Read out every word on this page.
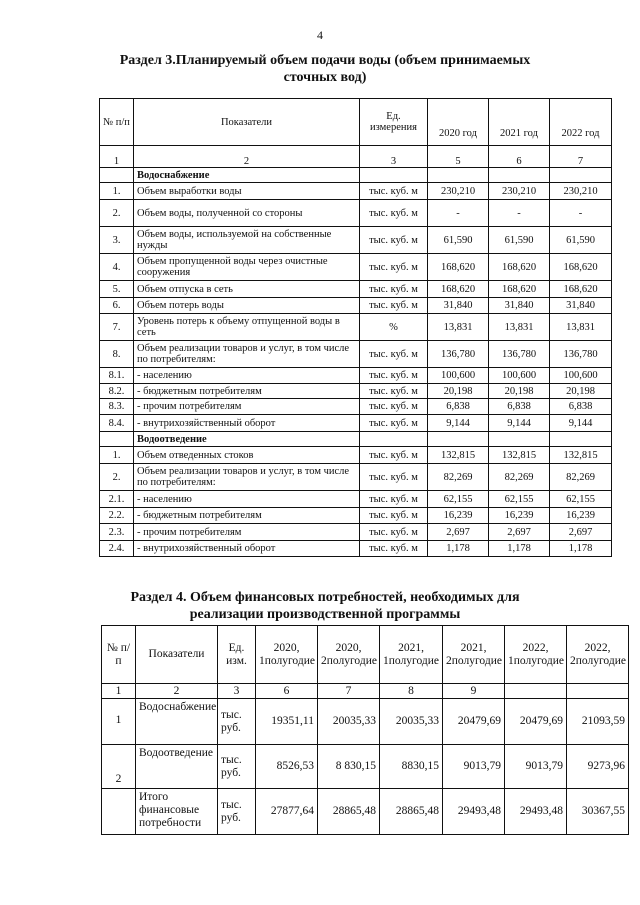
4
Раздел 3.Планируемый объем подачи воды (объем принимаемых
сточных вод)
№ п/п	Показатели	Ед. измерения	2020 год	2021 год	2022 год
1	2	3	5	6	7
	Водоснабжение				
1.	Объем выработки воды	тыс. куб. м	230,210	230,210	230,210
2.	Объем воды, полученной со стороны	тыс. куб. м	-	-	-
3.	Объем воды, используемой на собственные нужды	тыс. куб. м	61,590	61,590	61,590
4.	Объем пропущенной воды через очистные сооружения	тыс. куб. м	168,620	168,620	168,620
5.	Объем отпуска в сеть	тыс. куб. м	168,620	168,620	168,620
6.	Объем потерь воды	тыс. куб. м	31,840	31,840	31,840
7.	Уровень потерь к объему отпущенной воды в сеть	%	13,831	13,831	13,831
8.	Объем реализации товаров и услуг, в том числе по потребителям:	тыс. куб. м	136,780	136,780	136,780
8.1.	- населению	тыс. куб. м	100,600	100,600	100,600
8.2.	- бюджетным потребителям	тыс. куб. м	20,198	20,198	20,198
8.3.	- прочим потребителям	тыс. куб. м	6,838	6,838	6,838
8.4.	- внутрихозяйственный оборот	тыс. куб. м	9,144	9,144	9,144
	Водоотведение				
1.	Объем отведенных стоков	тыс. куб. м	132,815	132,815	132,815
2.	Объем реализации товаров и услуг, в том числе по потребителям:	тыс. куб. м	82,269	82,269	82,269
2.1.	- населению	тыс. куб. м	62,155	62,155	62,155
2.2.	- бюджетным потребителям	тыс. куб. м	16,239	16,239	16,239
2.3.	- прочим потребителям	тыс. куб. м	2,697	2,697	2,697
2.4.	- внутрихозяйственный оборот	тыс. куб. м	1,178	1,178	1,178
Раздел 4. Объем финансовых потребностей, необходимых для
реализации производственной программы
№ п/п	Показатели	Ед. изм.	2020, 1полугодие	2020, 2полугодие	2021, 1полугодие	2021, 2полугодие	2022, 1полугодие	2022, 2полугодие
1	2	3	6	7	8	9		
1	Водоснабжение	тыс. руб.	19351,11	20035,33	20035,33	20479,69	20479,69	21093,59
2	Водоотведение	тыс. руб.	8526,53	8 830,15	8830,15	9013,79	9013,79	9273,96
	Итого финансовые потребности	тыс. руб.	27877,64	28865,48	28865,48	29493,48	29493,48	30367,55
